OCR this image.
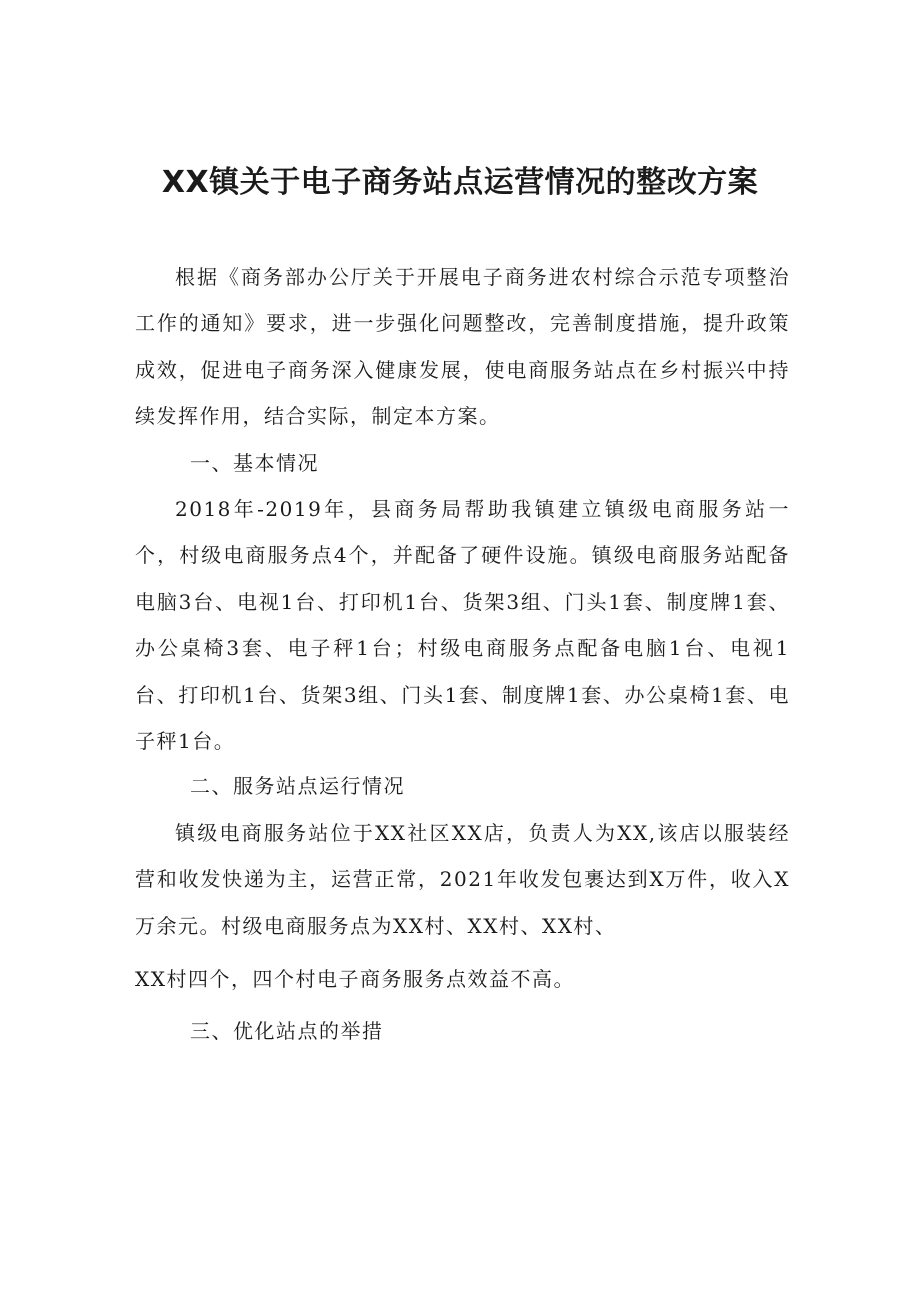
XX镇关于电子商务站点运营情况的整改方案
根据《商务部办公厅关于开展电子商务进农村综合示范专项整治工作的通知》要求，进一步强化问题整改，完善制度措施，提升政策成效，促进电子商务深入健康发展，使电商服务站点在乡村振兴中持续发挥作用，结合实际，制定本方案。
一、基本情况
2018年-2019年，县商务局帮助我镇建立镇级电商服务站一个，村级电商服务点4个，并配备了硬件设施。镇级电商服务站配备电脑3台、电视1台、打印机1台、货架3组、门头1套、制度牌1套、办公桌椅3套、电子秤1台；村级电商服务点配备电脑1台、电视1台、打印机1台、货架3组、门头1套、制度牌1套、办公桌椅1套、电子秤1台。
二、服务站点运行情况
镇级电商服务站位于XX社区XX店，负责人为XX,该店以服装经营和收发快递为主，运营正常，2021年收发包裹达到X万件，收入X万余元。村级电商服务点为XX村、XX村、XX村、
XX村四个，四个村电子商务服务点效益不高。
三、优化站点的举措
